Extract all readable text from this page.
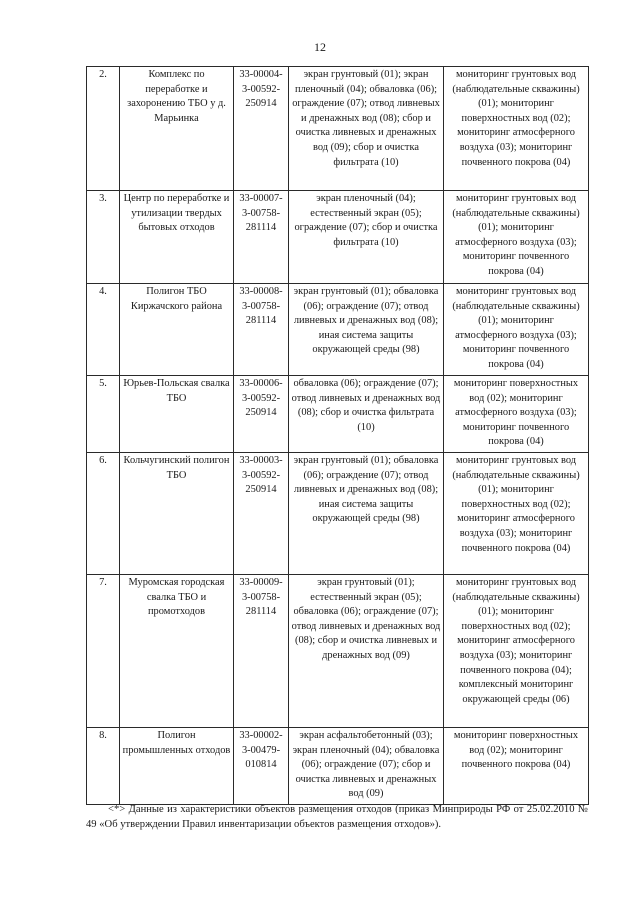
12
2.	Комплекс по переработке и захоронению ТБО у д. Марьинка	33-00004-3-00592-250914	экран грунтовый (01); экран пленочный (04); обваловка (06); ограждение (07); отвод ливневых и дренажных вод (08); сбор и очистка ливневых и дренажных вод (09); сбор и очистка фильтрата (10)	мониторинг грунтовых вод (наблюдательные скважины) (01); мониторинг поверхностных вод (02); мониторинг атмосферного воздуха (03); мониторинг почвенного покрова (04)
3.	Центр по переработке и утилизации твердых бытовых отходов	33-00007-3-00758-281114	экран пленочный (04); естественный экран (05); ограждение (07); сбор и очистка фильтрата (10)	мониторинг грунтовых вод (наблюдательные скважины) (01); мониторинг атмосферного воздуха (03); мониторинг почвенного покрова (04)
4.	Полигон ТБО Киржачского района	33-00008-3-00758-281114	экран грунтовый (01); обваловка (06); ограждение (07); отвод ливневых и дренажных вод (08); иная система защиты окружающей среды (98)	мониторинг грунтовых вод (наблюдательные скважины) (01); мониторинг атмосферного воздуха (03); мониторинг почвенного покрова (04)
5.	Юрьев-Польская свалка ТБО	33-00006-3-00592-250914	обваловка (06); ограждение (07); отвод ливневых и дренажных вод (08); сбор и очистка фильтрата (10)	мониторинг поверхностных вод (02); мониторинг атмосферного воздуха (03); мониторинг почвенного покрова (04)
6.	Кольчугинский полигон ТБО	33-00003-3-00592-250914	экран грунтовый (01); обваловка (06); ограждение (07); отвод ливневых и дренажных вод (08); иная система защиты окружающей среды (98)	мониторинг грунтовых вод (наблюдательные скважины) (01); мониторинг поверхностных вод (02); мониторинг атмосферного воздуха (03); мониторинг почвенного покрова (04)
7.	Муромская городская свалка ТБО и промотходов	33-00009-3-00758-281114	экран грунтовый (01); естественный экран (05); обваловка (06); ограждение (07); отвод ливневых и дренажных вод (08); сбор и очистка ливневых и дренажных вод (09)	мониторинг грунтовых вод (наблюдательные скважины) (01); мониторинг поверхностных вод (02); мониторинг атмосферного воздуха (03); мониторинг почвенного покрова (04); комплексный мониторинг окружающей среды (06)
8.	Полигон промышленных отходов	33-00002-3-00479-010814	экран асфальтобетонный (03); экран пленочный (04); обваловка (06); ограждение (07); сбор и очистка ливневых и дренажных вод (09)	мониторинг поверхностных вод (02); мониторинг почвенного покрова (04)
<*> Данные из характеристики объектов размещения отходов (приказ Минприроды РФ от 25.02.2010 № 49 «Об утверждении Правил инвентаризации объектов размещения отходов»).
